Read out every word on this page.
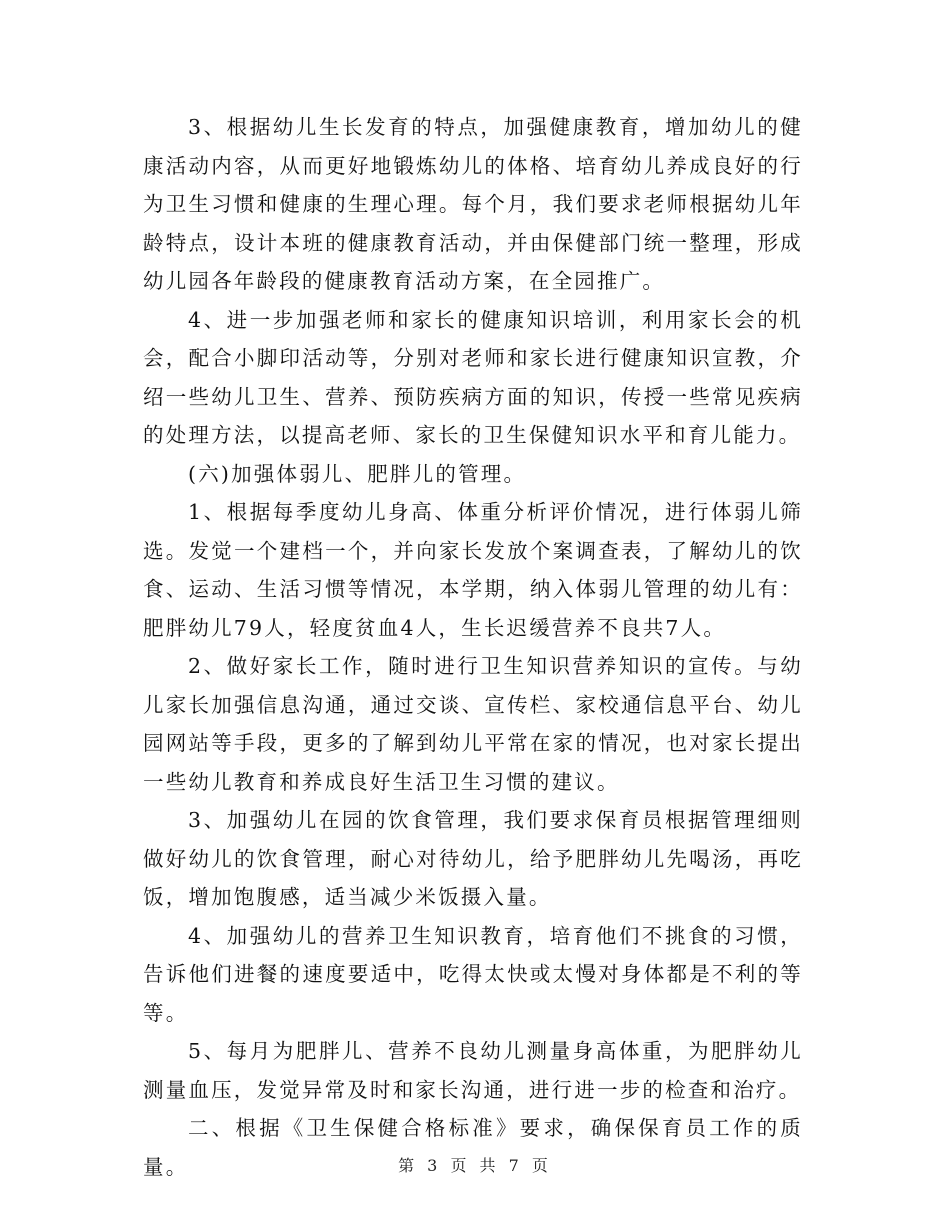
3、根据幼儿生长发育的特点，加强健康教育，增加幼儿的健康活动内容，从而更好地锻炼幼儿的体格、培育幼儿养成良好的行为卫生习惯和健康的生理心理。每个月，我们要求老师根据幼儿年龄特点，设计本班的健康教育活动，并由保健部门统一整理，形成幼儿园各年龄段的健康教育活动方案，在全园推广。

4、进一步加强老师和家长的健康知识培训，利用家长会的机会，配合小脚印活动等，分别对老师和家长进行健康知识宣教，介绍一些幼儿卫生、营养、预防疾病方面的知识，传授一些常见疾病的处理方法，以提高老师、家长的卫生保健知识水平和育儿能力。

(六)加强体弱儿、肥胖儿的管理。

1、根据每季度幼儿身高、体重分析评价情况，进行体弱儿筛选。发觉一个建档一个，并向家长发放个案调查表，了解幼儿的饮食、运动、生活习惯等情况，本学期，纳入体弱儿管理的幼儿有：肥胖幼儿79人，轻度贫血4人，生长迟缓营养不良共7人。

2、做好家长工作，随时进行卫生知识营养知识的宣传。与幼儿家长加强信息沟通，通过交谈、宣传栏、家校通信息平台、幼儿园网站等手段，更多的了解到幼儿平常在家的情况，也对家长提出一些幼儿教育和养成良好生活卫生习惯的建议。

3、加强幼儿在园的饮食管理，我们要求保育员根据管理细则做好幼儿的饮食管理，耐心对待幼儿，给予肥胖幼儿先喝汤，再吃饭，增加饱腹感，适当减少米饭摄入量。

4、加强幼儿的营养卫生知识教育，培育他们不挑食的习惯，告诉他们进餐的速度要适中，吃得太快或太慢对身体都是不利的等等。

5、每月为肥胖儿、营养不良幼儿测量身高体重，为肥胖幼儿测量血压，发觉异常及时和家长沟通，进行进一步的检查和治疗。

二、根据《卫生保健合格标准》要求，确保保育员工作的质量。	第 3 页 共 7 页
